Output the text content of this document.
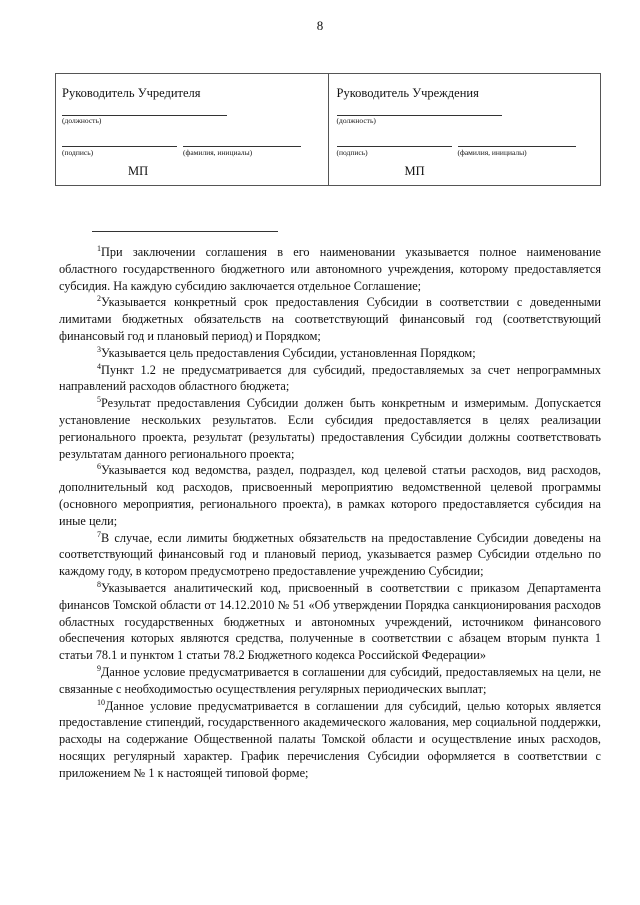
8
Руководитель Учредителя
(должность)
(подпись)	(фамилия, инициалы)
МП
Руководитель Учреждения
(должность)
(подпись)	(фамилия, инициалы)
МП

$^1$При заключении соглашения в его наименовании указывается полное наименование областного государственного бюджетного или автономного учреждения, которому предоставляется субсидия. На каждую субсидию заключается отдельное Соглашение;

$^2$Указывается конкретный срок предоставления Субсидии в соответствии с доведенными лимитами бюджетных обязательств на соответствующий финансовый год (соответствующий финансовый год и плановый период) и Порядком;

$^3$Указывается цель предоставления Субсидии, установленная Порядком;

$^4$Пункт 1.2 не предусматривается для субсидий, предоставляемых за счет непрограммных направлений расходов областного бюджета;

$^5$Результат предоставления Субсидии должен быть конкретным и измеримым. Допускается установление нескольких результатов. Если субсидия предоставляется в целях реализации регионального проекта, результат (результаты) предоставления Субсидии должны соответствовать результатам данного регионального проекта;

$^6$Указывается код ведомства, раздел, подраздел, код целевой статьи расходов, вид расходов, дополнительный код расходов, присвоенный мероприятию ведомственной целевой программы (основного мероприятия, регионального проекта), в рамках которого предоставляется субсидия на иные цели;

$^7$В случае, если лимиты бюджетных обязательств на предоставление Субсидии доведены на соответствующий финансовый год и плановый период, указывается размер Субсидии отдельно по каждому году, в котором предусмотрено предоставление учреждению Субсидии;

$^8$Указывается аналитический код, присвоенный в соответствии с приказом Департамента финансов Томской области от 14.12.2010 № 51 «Об утверждении Порядка санкционирования расходов областных государственных бюджетных и автономных учреждений, источником финансового обеспечения которых являются средства, полученные в соответствии с абзацем вторым пункта 1 статьи 78.1 и пунктом 1 статьи 78.2 Бюджетного кодекса Российской Федерации»

$^9$Данное условие предусматривается в соглашении для субсидий, предоставляемых на цели, не связанные с необходимостью осуществления регулярных периодических выплат;

$^{10}$Данное условие предусматривается в соглашении для субсидий, целью которых является предоставление стипендий, государственного академического жалования, мер социальной поддержки, расходы на содержание Общественной палаты Томской области и осуществление иных расходов, носящих регулярный характер. График перечисления Субсидии оформляется в соответствии с приложением № 1 к настоящей типовой форме;
